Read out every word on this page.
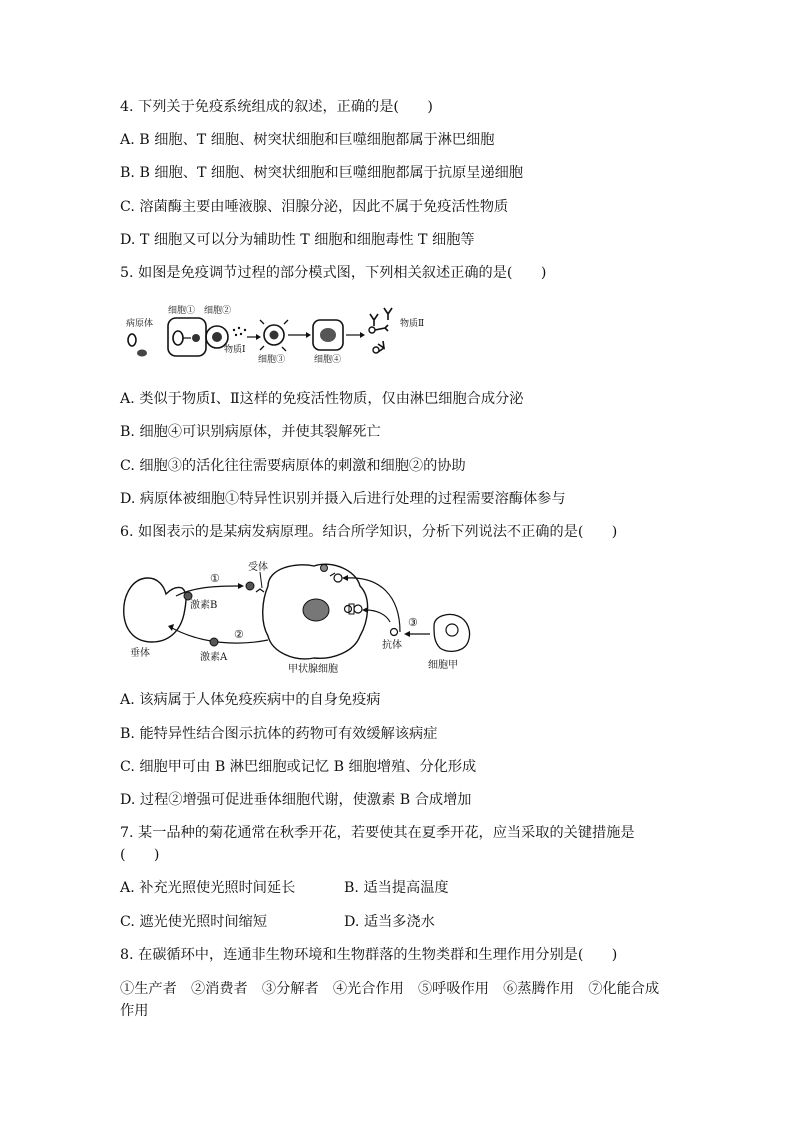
4. 下列关于免疫系统组成的叙述，正确的是(　　)
A. B 细胞、T 细胞、树突状细胞和巨噬细胞都属于淋巴细胞
B. B 细胞、T 细胞、树突状细胞和巨噬细胞都属于抗原呈递细胞
C. 溶菌酶主要由唾液腺、泪腺分泌，因此不属于免疫活性物质
D. T 细胞又可以分为辅助性 T 细胞和细胞毒性 T 细胞等
5. 如图是免疫调节过程的部分模式图，下列相关叙述正确的是(　　)
病原体
细胞① 细胞②
物质Ⅰ
细胞③	细胞④
物质Ⅱ
A. 类似于物质Ⅰ、Ⅱ这样的免疫活性物质，仅由淋巴细胞合成分泌
B. 细胞④可识别病原体，并使其裂解死亡
C. 细胞③的活化往往需要病原体的刺激和细胞②的协助
D. 病原体被细胞①特异性识别并摄入后进行处理的过程需要溶酶体参与
6. 如图表示的是某病发病原理。结合所学知识，分析下列说法不正确的是(　　)
垂体
①
激素B
受体
甲状腺细胞
②
激素A
抗体
③
细胞甲
A. 该病属于人体免疫疾病中的自身免疫病
B. 能特异性结合图示抗体的药物可有效缓解该病症
C. 细胞甲可由 B 淋巴细胞或记忆 B 细胞增殖、分化形成
D. 过程②增强可促进垂体细胞代谢，使激素 B 合成增加
7. 某一品种的菊花通常在秋季开花，若要使其在夏季开花，应当采取的关键措施是
(　　)
A. 补充光照使光照时间延长	B. 适当提高温度
C. 遮光使光照时间缩短	D. 适当多浇水
8. 在碳循环中，连通非生物环境和生物群落的生物类群和生理作用分别是(　　)
①生产者　②消费者　③分解者　④光合作用　⑤呼吸作用　⑥蒸腾作用　⑦化能合成
作用
